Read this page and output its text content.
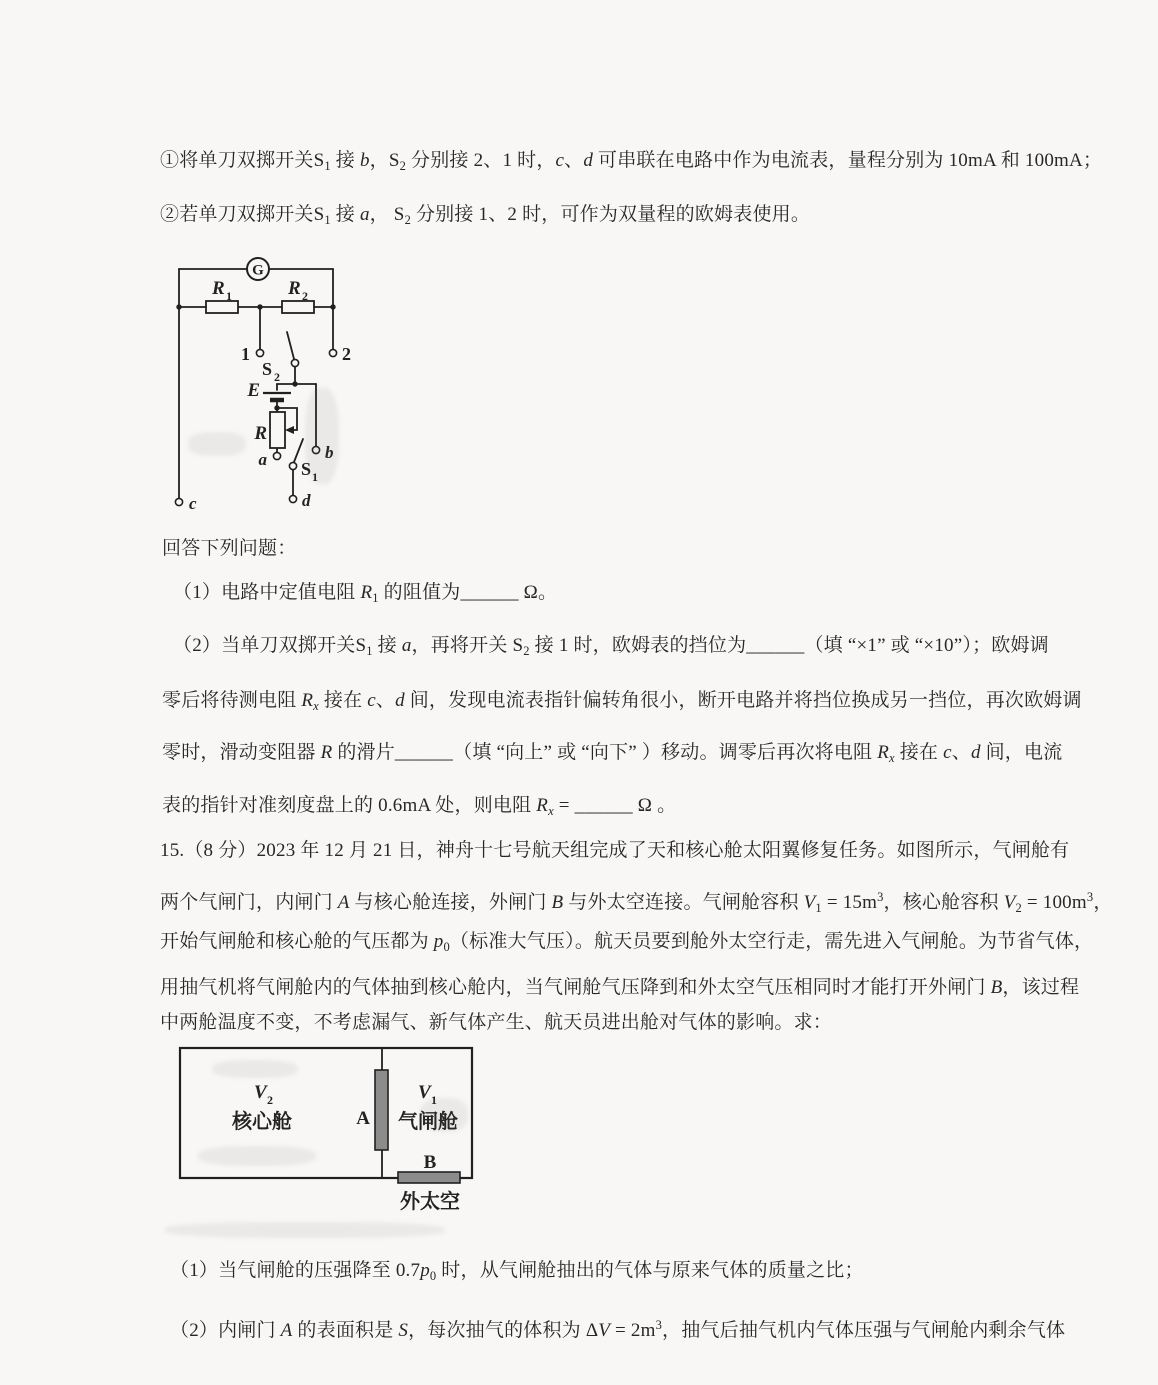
①将单刀双掷开关$S_1$ 接 b，$S_2$ 分别接 2、1 时，c、d 可串联在电路中作为电流表，量程分别为 10mA 和 100mA；
②若单刀双掷开关$S_1$ 接 a， $S_2$ 分别接 1、2 时，可作为双量程的欧姆表使用。
G
R 1	R 2
E
R
1	2
S 2
a	b
S 1
c	d
回答下列问题：
（1）电路中定值电阻 $R_1$ 的阻值为______ Ω。
（2）当单刀双掷开关$S_1$ 接 a，再将开关 $S_2$ 接 1 时，欧姆表的挡位为______（填 “×1” 或 “×10”）；欧姆调
零后将待测电阻 $R_x$ 接在 c、d 间，发现电流表指针偏转角很小，断开电路并将挡位换成另一挡位，再次欧姆调
零时，滑动变阻器 R 的滑片______（填 “向上” 或 “向下” ）移动。调零后再次将电阻 $R_x$ 接在 c、d 间，电流
表的指针对准刻度盘上的 0.6mA 处，则电阻 $R_x$ = ______ Ω 。
15.（8 分）2023 年 12 月 21 日，神舟十七号航天组完成了天和核心舱太阳翼修复任务。如图所示，气闸舱有
两个气闸门，内闸门 A 与核心舱连接，外闸门 B 与外太空连接。气闸舱容积 $V_1 = 15m^3$，核心舱容积 $V_2 = 100m^3$，
开始气闸舱和核心舱的气压都为 $p_0$（标准大气压）。航天员要到舱外太空行走，需先进入气闸舱。为节省气体，
用抽气机将气闸舱内的气体抽到核心舱内，当气闸舱气压降到和外太空气压相同时才能打开外闸门 B，该过程
中两舱温度不变，不考虑漏气、新气体产生、航天员进出舱对气体的影响。求：
V 2
核心舱	A
V 1
气闸舱
B
外太空
（1）当气闸舱的压强降至 $0.7p_0$ 时，从气闸舱抽出的气体与原来气体的质量之比；
（2）内闸门 A 的表面积是 S，每次抽气的体积为 $\Delta V = 2m^3$，抽气后抽气机内气体压强与气闸舱内剩余气体
